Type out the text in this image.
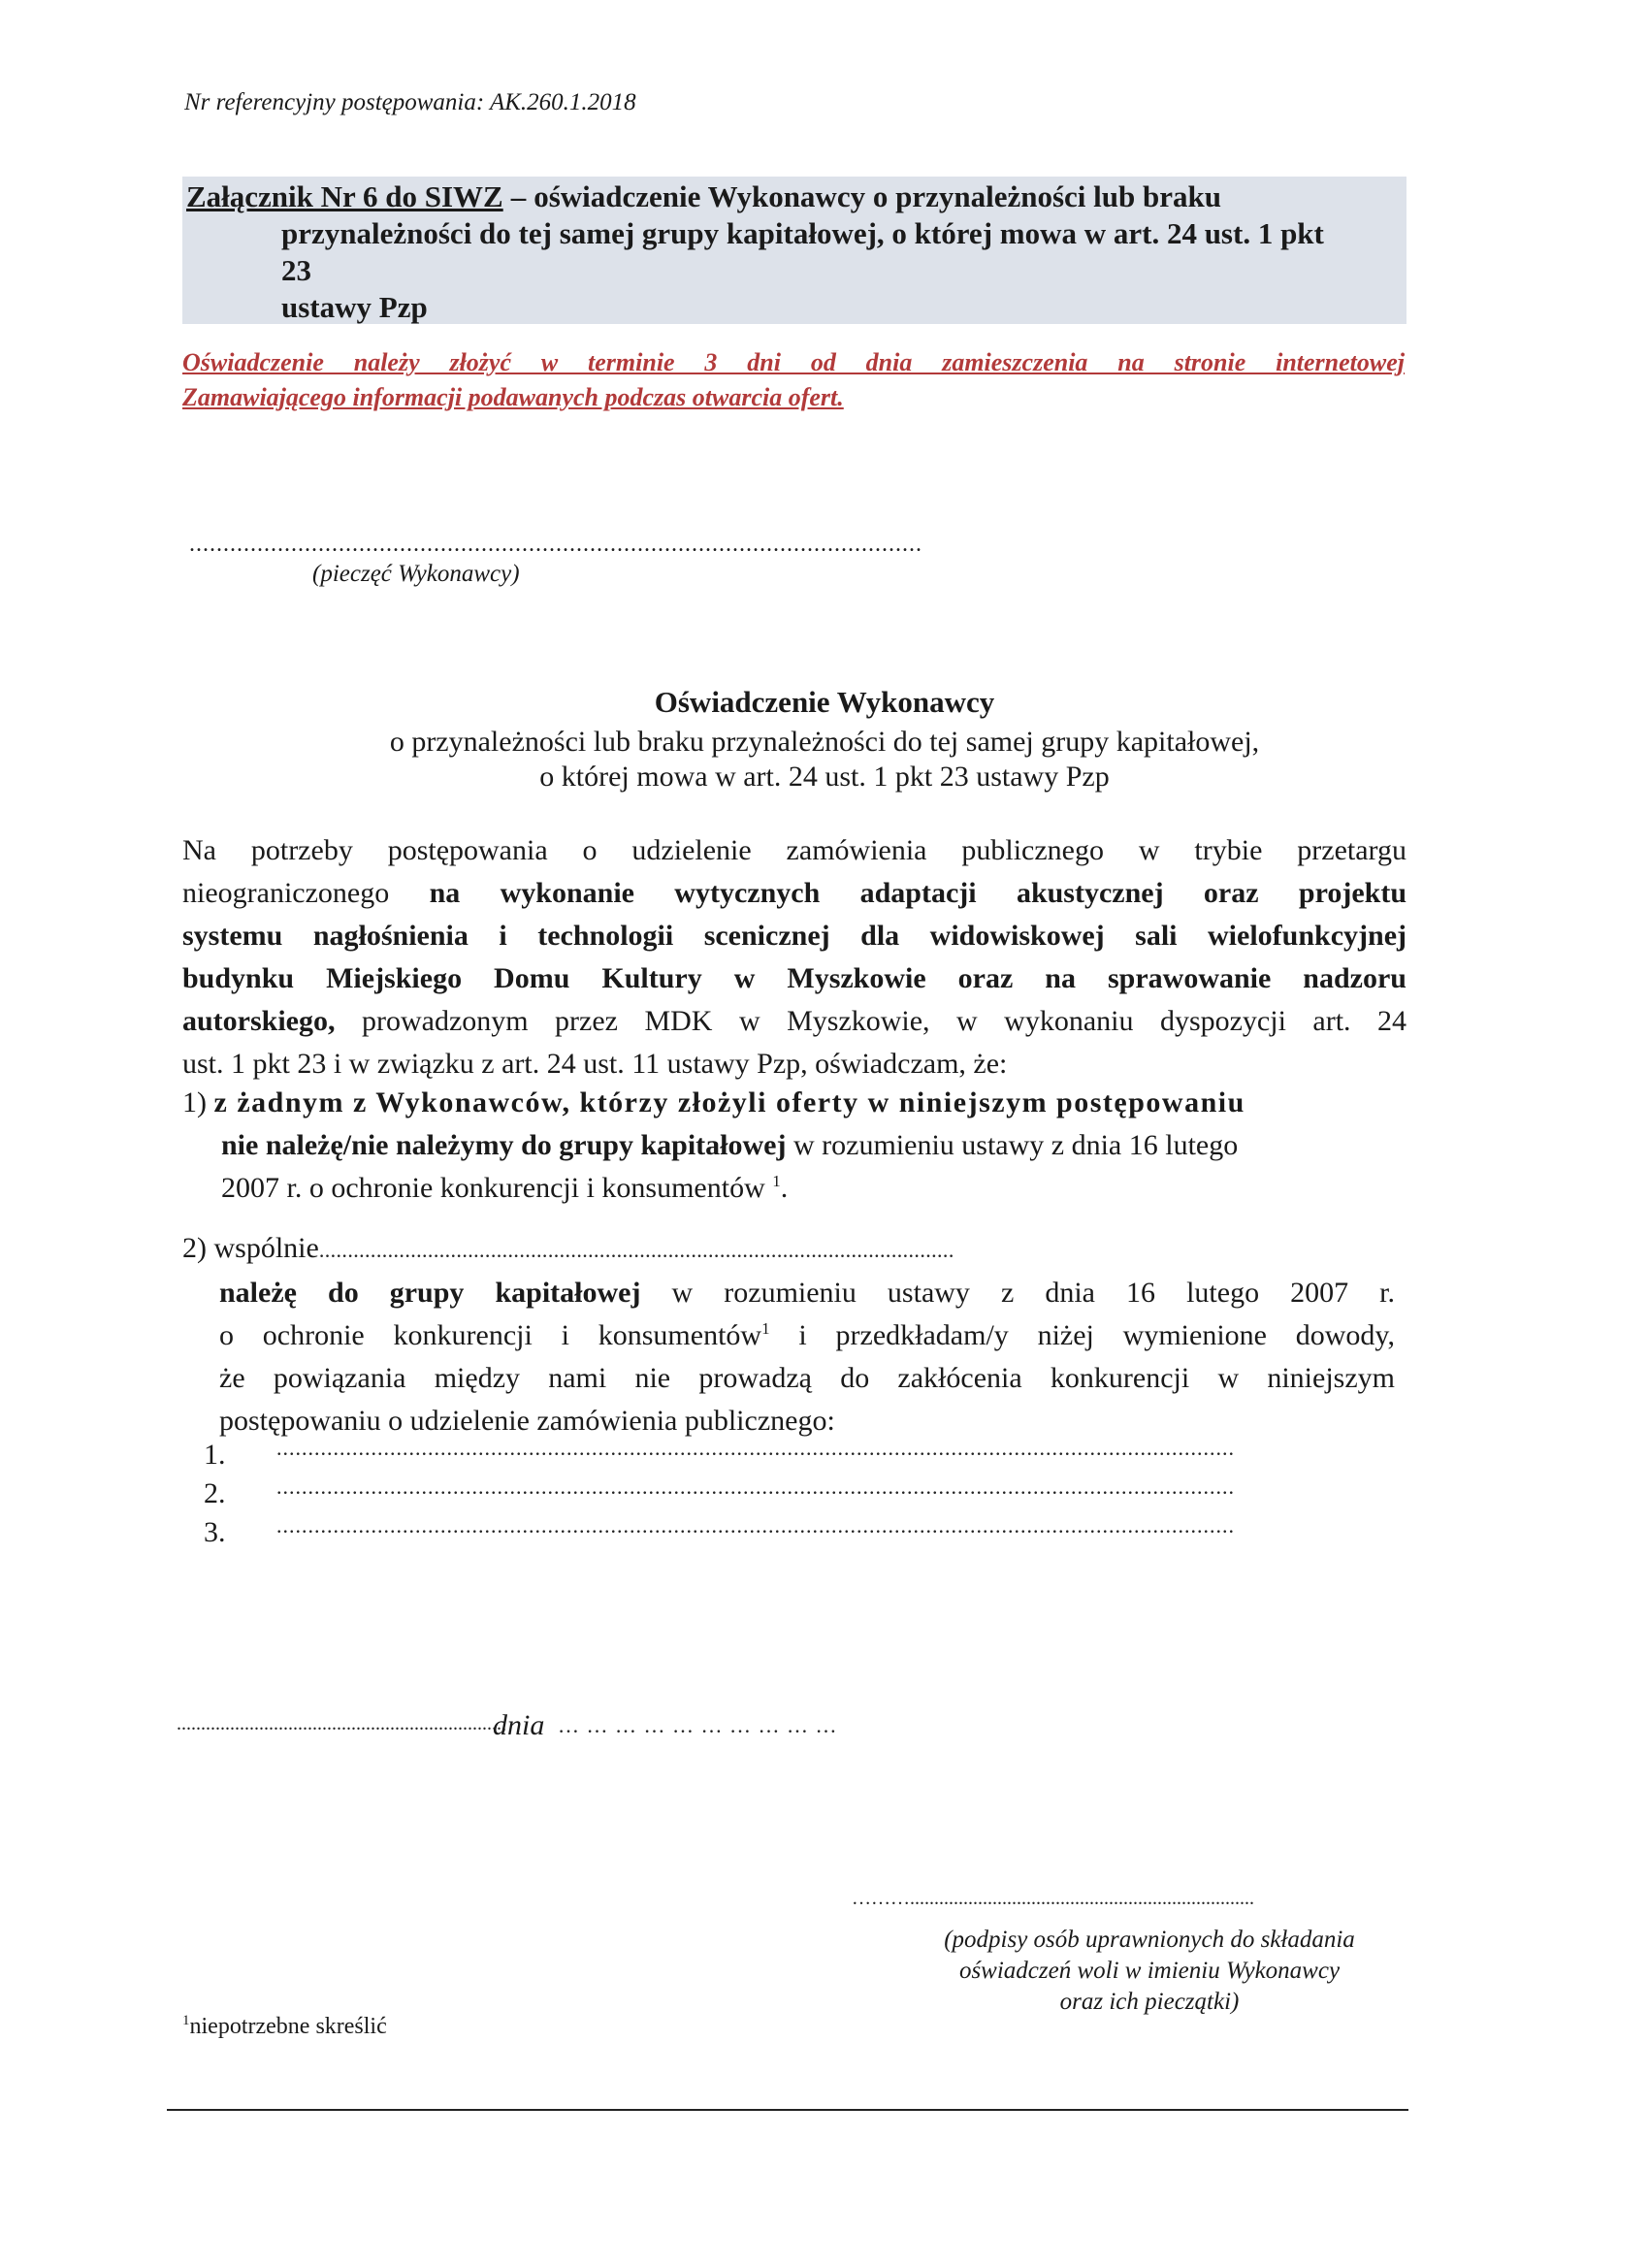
Nr referencyjny postępowania: AK.260.1.2018
Załącznik Nr 6 do SIWZ – oświadczenie Wykonawcy o przynależności lub braku
przynależności do tej samej grupy kapitałowej, o której mowa w art. 24 ust. 1 pkt
23
ustawy Pzp
Oświadczenie należy złożyć w terminie 3 dni od dnia zamieszczenia na stronie internetowej
Zamawiającego informacji podawanych podczas otwarcia ofert.
............................................................................................................
(pieczęć Wykonawcy)
Oświadczenie Wykonawcy
o przynależności lub braku przynależności do tej samej grupy kapitałowej,
o której mowa w art. 24 ust. 1 pkt 23 ustawy Pzp
Na potrzeby postępowania o udzielenie zamówienia publicznego w trybie przetargu
nieograniczonego na wykonanie wytycznych adaptacji akustycznej oraz projektu
systemu nagłośnienia i technologii scenicznej dla widowiskowej sali wielofunkcyjnej
budynku Miejskiego Domu Kultury w Myszkowie oraz na sprawowanie nadzoru
autorskiego, prowadzonym przez MDK w Myszkowie, w wykonaniu dyspozycji art. 24
ust. 1 pkt 23 i w związku z art. 24 ust. 11 ustawy Pzp, oświadczam, że:
1) z żadnym z Wykonawców, którzy złożyli oferty w niniejszym postępowaniu
nie należę/nie należymy do grupy kapitałowej w rozumieniu ustawy z dnia 16 lutego
2007 r. o ochronie konkurencji i konsumentów $^1$.
2) wspólnie...............................................................................................................
należę do grupy kapitałowej w rozumieniu ustawy z dnia 16 lutego 2007 r.
o ochronie konkurencji i konsumentów$^1$ i przedkładam/y niżej wymienione dowody,
że powiązania między nami nie prowadzą do zakłócenia konkurencji w niniejszym
postępowaniu o udzielenie zamówienia publicznego:
1. ........................................................................................................................................................
2. ........................................................................................................................................................
3. ........................................................................................................................................................
...................................................................,
dnia … … … … … … … … … …
……….......................................................................
(podpisy osób uprawnionych do składania
oświadczeń woli w imieniu Wykonawcy
oraz ich pieczątki)
$^1$niepotrzebne skreślić
